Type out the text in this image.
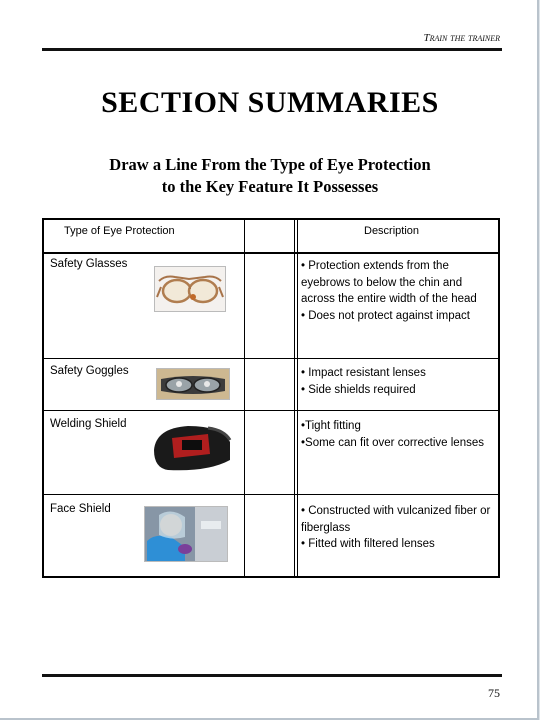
Train the trainer
SECTION SUMMARIES
Draw a Line From the Type of Eye Protection
to the Key Feature It Possesses
Type of Eye Protection	Description
Safety Glasses	• Protection extends from the eyebrows to below the chin and across the entire width of the head
• Does not protect against impact
Safety Goggles	• Impact resistant lenses
• Side shields required
Welding Shield	•Tight fitting
•Some can fit over corrective lenses
Face Shield	• Constructed with vulcanized fiber or fiberglass
• Fitted with filtered lenses
75
